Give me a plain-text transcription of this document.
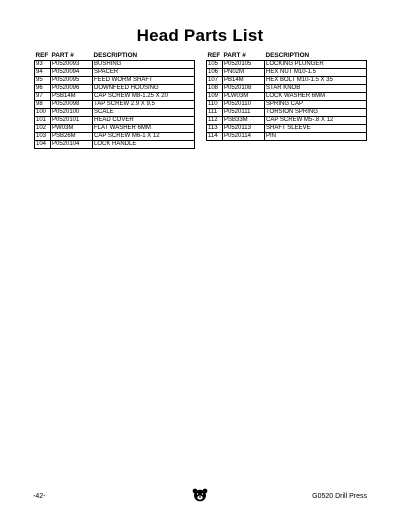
Head Parts List
REF	PART #	DESCRIPTION
93	P0520093	BUSHING
94	P0520094	SPACER
95	P0520095	FEED WORM SHAFT
96	P0520096	DOWNFEED HOUSING
97	PSB14M	CAP SCREW M8-1.25 X 20
98	P0520098	TAP SCREW 2.9 X 9.5
100	P0520100	SCALE
101	P0520101	HEAD COVER
102	PW03M	FLAT WASHER 6MM
103	PSB26M	CAP SCREW M6-1 X 12
104	P0520104	LOCK HANDLE
REF	PART #	DESCRIPTION
105	P0520105	LOCKING PLUNGER
106	PN02M	HEX NUT M10-1.5
107	PB14M	HEX BOLT M10-1.5 X 35
108	P0520108	STAR KNOB
109	PLW03M	LOCK WASHER 6MM
110	P0520110	SPRING CAP
111	P0520111	TORSION SPRING
112	PSB33M	CAP SCREW M5-.8 X 12
113	P0520113	SHAFT SLEEVE
114	P0520114	PIN
-42-	G0520 Drill Press
